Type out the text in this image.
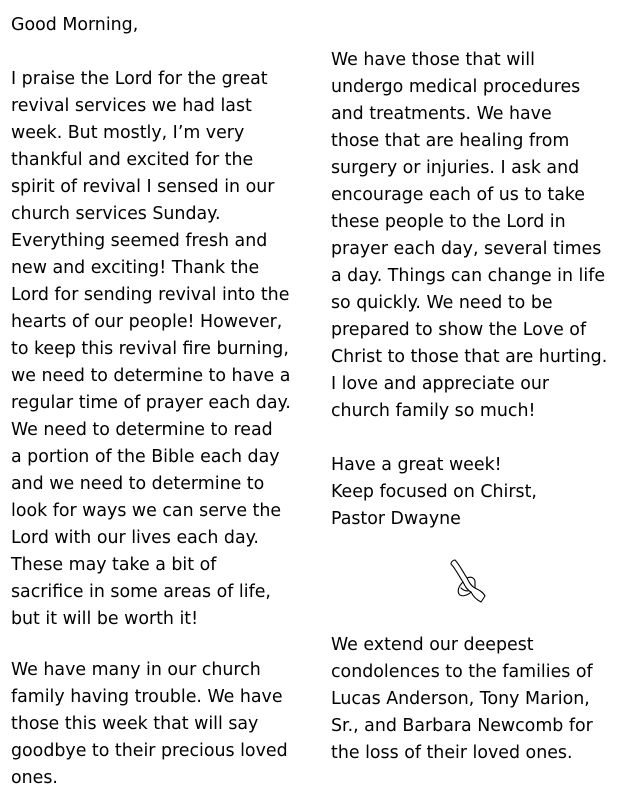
Good Morning,
I praise the Lord for the great
revival services we had last
week. But mostly, I’m very
thankful and excited for the
spirit of revival I sensed in our
church services Sunday.
Everything seemed fresh and
new and exciting! Thank the
Lord for sending revival into the
hearts of our people! However,
to keep this revival fire burning,
we need to determine to have a
regular time of prayer each day.
We need to determine to read
a portion of the Bible each day
and we need to determine to
look for ways we can serve the
Lord with our lives each day.
These may take a bit of
sacrifice in some areas of life,
but it will be worth it!
We have many in our church
family having trouble. We have
those this week that will say
goodbye to their precious loved
ones.
We have those that will
undergo medical procedures
and treatments. We have
those that are healing from
surgery or injuries. I ask and
encourage each of us to take
these people to the Lord in
prayer each day, several times
a day. Things can change in life
so quickly. We need to be
prepared to show the Love of
Christ to those that are hurting.
I love and appreciate our
church family so much!
Have a great week!
Keep focused on Chirst,
Pastor Dwayne
We extend our deepest
condolences to the families of
Lucas Anderson, Tony Marion,
Sr., and Barbara Newcomb for
the loss of their loved ones.
